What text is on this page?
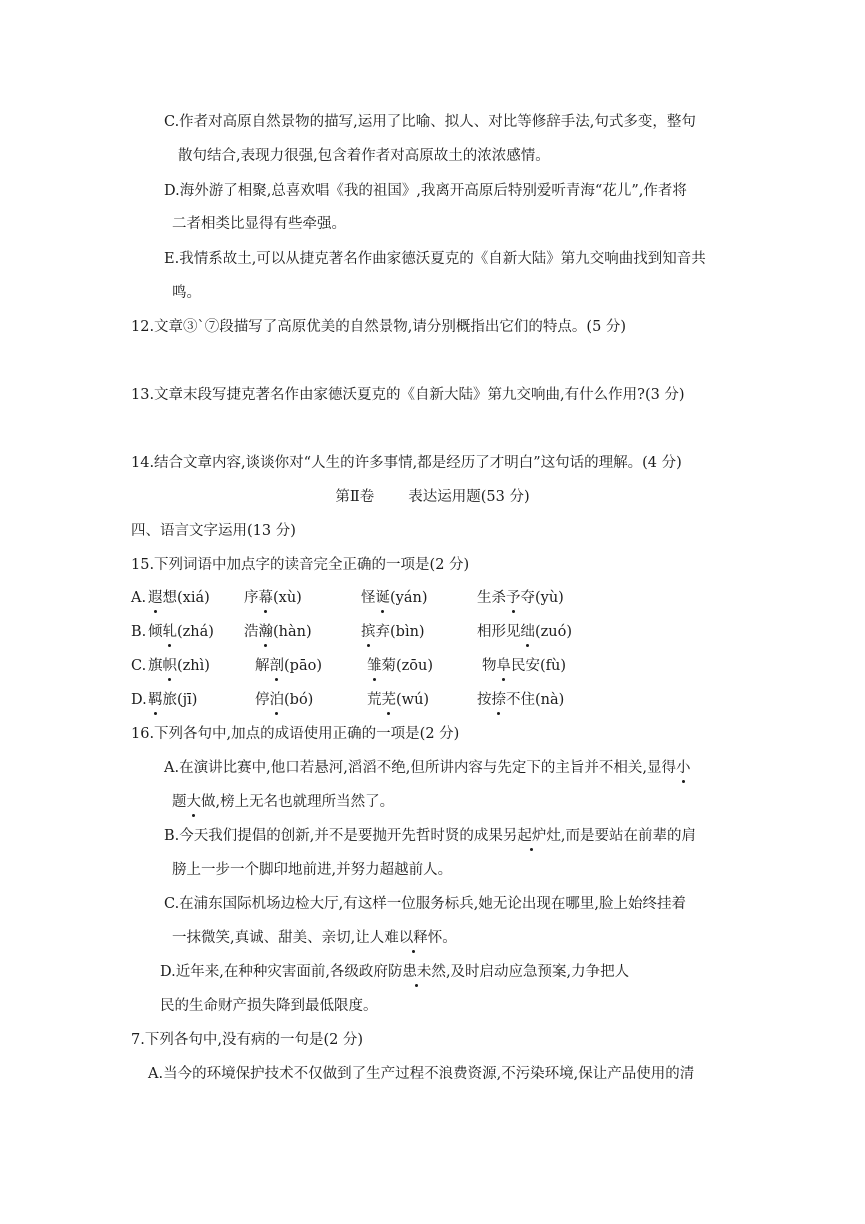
C.作者对高原自然景物的描写,运用了比喻、拟人、对比等修辞手法,句式多变，整句
散句结合,表现力很强,包含着作者对高原故土的浓浓感情。
D.海外游了相聚,总喜欢唱《我的祖国》,我离开高原后特别爱听青海“花儿”,作者将
二者相类比显得有些牵强。
E.我情系故土,可以从捷克著名作曲家德沃夏克的《自新大陆》第九交响曲找到知音共
鸣。
12.文章③`⑦段描写了高原优美的自然景物,请分别概指出它们的特点。(5 分)
13.文章末段写捷克著名作由家德沃夏克的《自新大陆》第九交响曲,有什么作用?(3 分)
14.结合文章内容,谈谈你对“人生的许多事情,都是经历了才明白”这句话的理解。(4 分)
第Ⅱ卷 表达运用题(53 分)
四、语言文字运用(13 分)
15.下列词语中加点字的读音完全正确的一项是(2 分)
A. 遐想(xiá) 序幕(xù)	怪诞(yán)	生杀予夺(yù)
B. 倾轧(zhá) 浩瀚(hàn)	摈弃(bìn)	相形见绌(zuó)
C. 旗帜(zhì)	解剖(pāo)	雏菊(zōu)	物阜民安(fù)
D. 羁旅(jī)	停泊(bó)	荒芜(wú)	按捺不住(nà)
16.下列各句中,加点的成语使用正确的一项是(2 分)
A.在演讲比赛中,他口若悬河,滔滔不绝,但所讲内容与先定下的主旨并不相关,显得小
题大做,榜上无名也就理所当然了。
B.今天我们提倡的创新,并不是要抛开先哲时贤的成果另起炉灶,而是要站在前辈的肩
膀上一步一个脚印地前进,并努力超越前人。
C.在浦东国际机场边检大厅,有这样一位服务标兵,她无论出现在哪里,脸上始终挂着
一抹微笑,真诚、甜美、亲切,让人难以释怀。
D.近年来,在种种灾害面前,各级政府防患未然,及时启动应急预案,力争把人
民的生命财产损失降到最低限度。
7.下列各句中,没有病的一句是(2 分)
A.当今的环境保护技术不仅做到了生产过程不浪费资源,不污染环境,保让产品使用的清
